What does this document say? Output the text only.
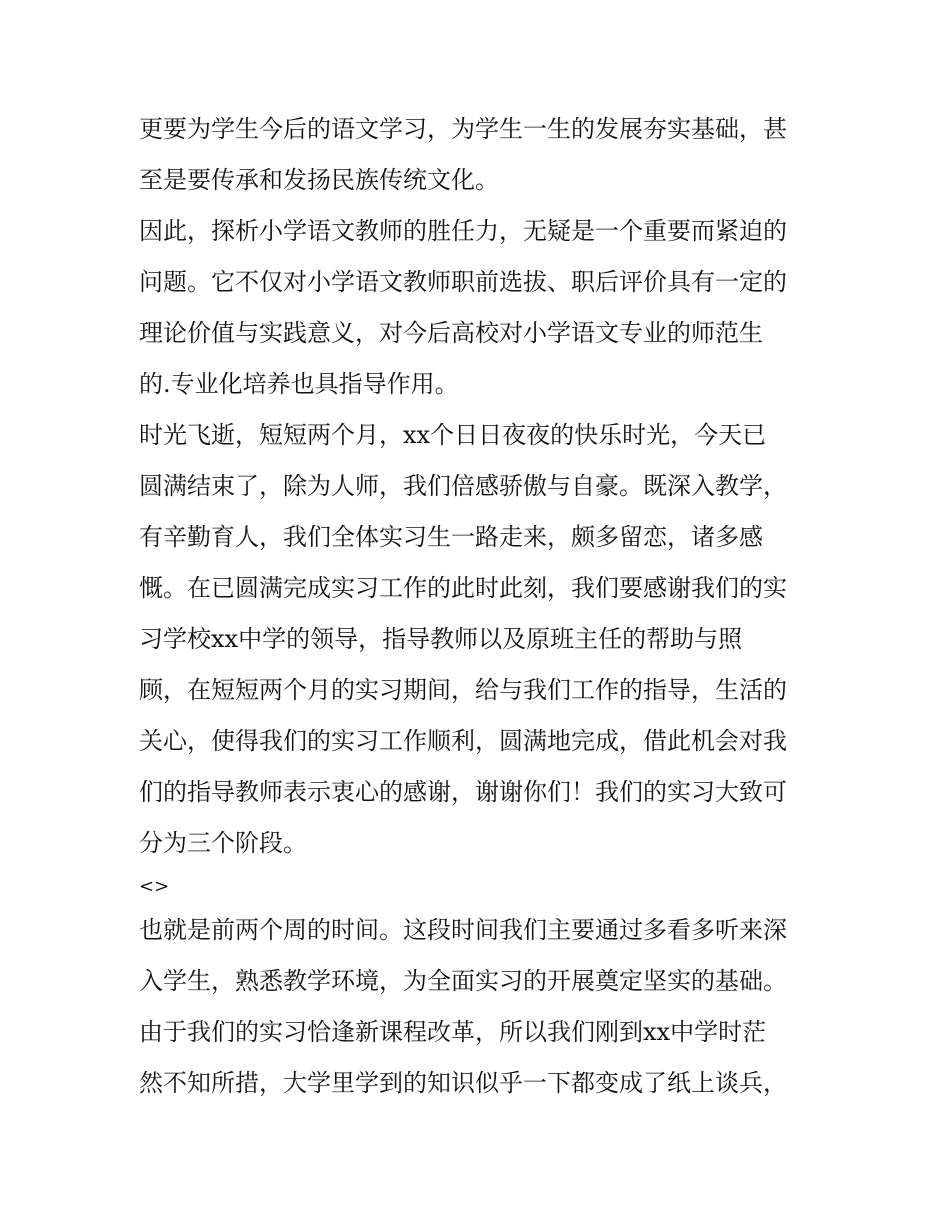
更要为学生今后的语文学习，为学生一生的发展夯实基础，甚

至是要传承和发扬民族传统文化。

因此，探析小学语文教师的胜任力，无疑是一个重要而紧迫的

问题。它不仅对小学语文教师职前选拔、职后评价具有一定的

理论价值与实践意义，对今后高校对小学语文专业的师范生

的.专业化培养也具指导作用。

时光飞逝，短短两个月，xx个日日夜夜的快乐时光，今天已

圆满结束了，除为人师，我们倍感骄傲与自豪。既深入教学，

有辛勤育人，我们全体实习生一路走来，颇多留恋，诸多感

慨。在已圆满完成实习工作的此时此刻，我们要感谢我们的实

习学校xx中学的领导，指导教师以及原班主任的帮助与照

顾，在短短两个月的实习期间，给与我们工作的指导，生活的

关心，使得我们的实习工作顺利，圆满地完成，借此机会对我

们的指导教师表示衷心的感谢，谢谢你们！我们的实习大致可

分为三个阶段。

<>

也就是前两个周的时间。这段时间我们主要通过多看多听来深

入学生，熟悉教学环境，为全面实习的开展奠定坚实的基础。

由于我们的实习恰逢新课程改革，所以我们刚到xx中学时茫

然不知所措，大学里学到的知识似乎一下都变成了纸上谈兵，
